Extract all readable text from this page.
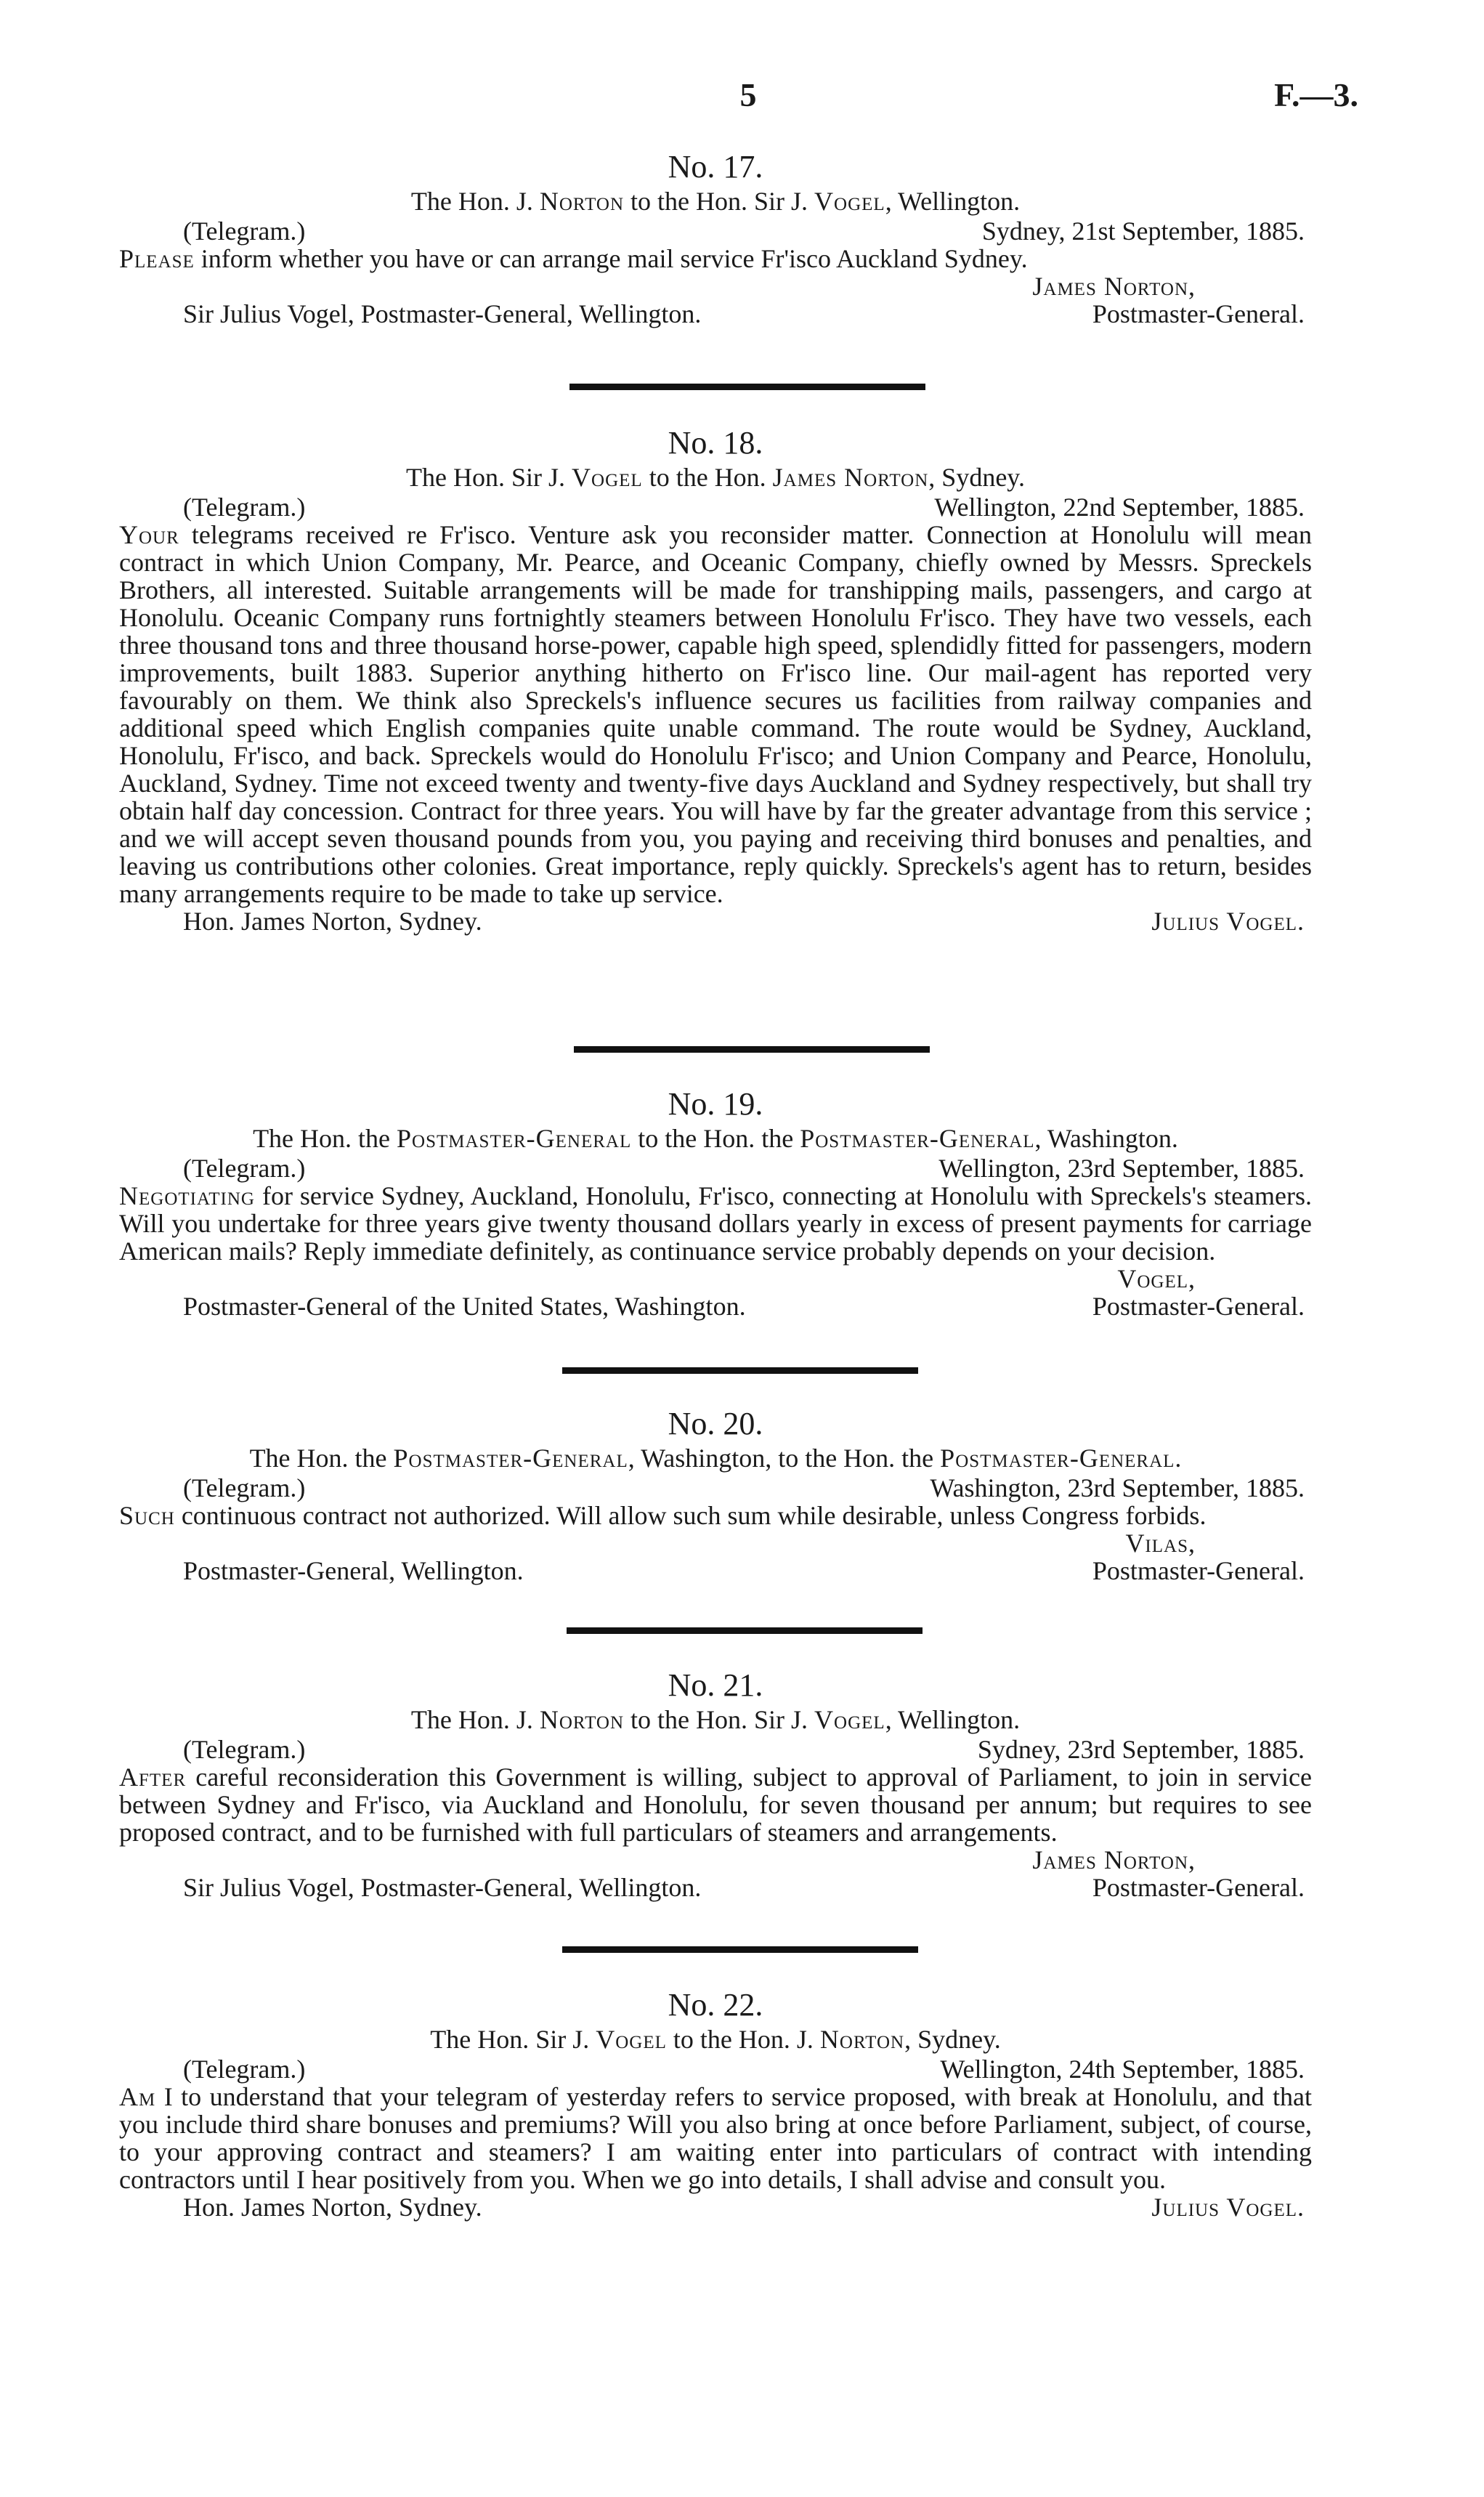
5	F.—3.
No. 17.
The Hon. J. Norton to the Hon. Sir J. Vogel, Wellington.
(Telegram.)	Sydney, 21st September, 1885.
Please inform whether you have or can arrange mail service Fr'isco Auckland Sydney.
James Norton,
Sir Julius Vogel, Postmaster-General, Wellington.	Postmaster-General.
No. 18.
The Hon. Sir J. Vogel to the Hon. James Norton, Sydney.
(Telegram.)	Wellington, 22nd September, 1885.
Your telegrams received re Fr'isco. Venture ask you reconsider matter. Connection at Honolulu will mean contract in which Union Company, Mr. Pearce, and Oceanic Company, chiefly owned by Messrs. Spreckels Brothers, all interested. Suitable arrangements will be made for transhipping mails, passengers, and cargo at Honolulu. Oceanic Company runs fortnightly steamers between Honolulu Fr'isco. They have two vessels, each three thousand tons and three thousand horse-power, capable high speed, splendidly fitted for passengers, modern improvements, built 1883. Superior anything hitherto on Fr'isco line. Our mail-agent has reported very favourably on them. We think also Spreckels's influence secures us facilities from railway companies and additional speed which English companies quite unable command. The route would be Sydney, Auckland, Honolulu, Fr'isco, and back. Spreckels would do Honolulu Fr'isco; and Union Company and Pearce, Honolulu, Auckland, Sydney. Time not exceed twenty and twenty-five days Auckland and Sydney respectively, but shall try obtain half day concession. Contract for three years. You will have by far the greater advantage from this service ; and we will accept seven thousand pounds from you, you paying and receiving third bonuses and penalties, and leaving us contributions other colonies. Great importance, reply quickly. Spreckels's agent has to return, besides many arrangements require to be made to take up service.
Hon. James Norton, Sydney.	Julius Vogel.
No. 19.
The Hon. the Postmaster-General to the Hon. the Postmaster-General, Washington.
(Telegram.)	Wellington, 23rd September, 1885.
Negotiating for service Sydney, Auckland, Honolulu, Fr'isco, connecting at Honolulu with Spreckels's steamers. Will you undertake for three years give twenty thousand dollars yearly in excess of present payments for carriage American mails? Reply immediate definitely, as continuance service probably depends on your decision.
Vogel,
Postmaster-General of the United States, Washington.	Postmaster-General.
No. 20.
The Hon. the Postmaster-General, Washington, to the Hon. the Postmaster-General.
(Telegram.)	Washington, 23rd September, 1885.
Such continuous contract not authorized. Will allow such sum while desirable, unless Congress forbids.
Vilas,
Postmaster-General, Wellington.	Postmaster-General.
No. 21.
The Hon. J. Norton to the Hon. Sir J. Vogel, Wellington.
(Telegram.)	Sydney, 23rd September, 1885.
After careful reconsideration this Government is willing, subject to approval of Parliament, to join in service between Sydney and Fr'isco, via Auckland and Honolulu, for seven thousand per annum; but requires to see proposed contract, and to be furnished with full particulars of steamers and arrangements.
James Norton,
Sir Julius Vogel, Postmaster-General, Wellington.	Postmaster-General.
No. 22.
The Hon. Sir J. Vogel to the Hon. J. Norton, Sydney.
(Telegram.)	Wellington, 24th September, 1885.
Am I to understand that your telegram of yesterday refers to service proposed, with break at Honolulu, and that you include third share bonuses and premiums? Will you also bring at once before Parliament, subject, of course, to your approving contract and steamers? I am waiting enter into particulars of contract with intending contractors until I hear positively from you. When we go into details, I shall advise and consult you.
Hon. James Norton, Sydney.	Julius Vogel.
